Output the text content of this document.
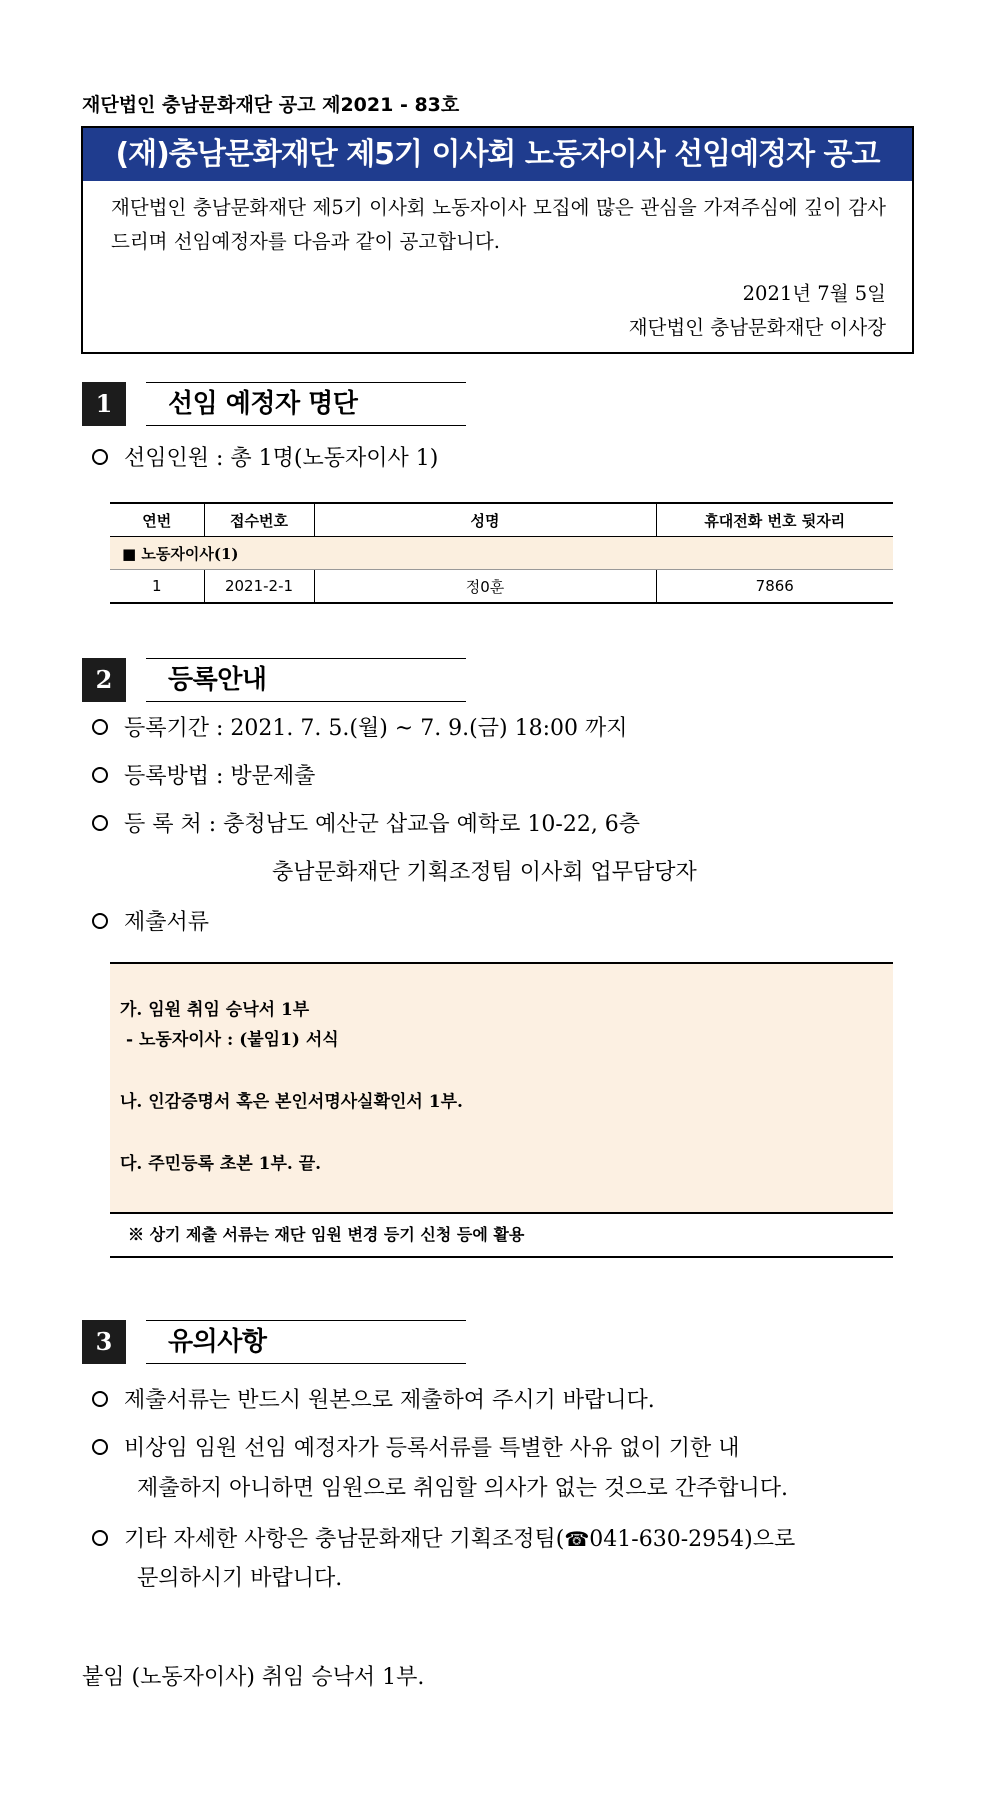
재단법인 충남문화재단 공고 제2021 - 83호
(재)충남문화재단 제5기 이사회 노동자이사 선임예정자 공고
재단법인 충남문화재단 제5기 이사회 노동자이사 모집에 많은 관심을 가져주심에 깊이 감사드리며 선임예정자를 다음과 같이 공고합니다.
2021년 7월 5일
재단법인 충남문화재단 이사장
1	선임 예정자 명단
선임인원 : 총 1명(노동자이사 1)
연번	접수번호	성명	휴대전화 번호 뒷자리
■ 노동자이사(1)			
1	2021-2-1	정0훈	7866
2	등록안내
등록기간 : 2021. 7. 5.(월) ~ 7. 9.(금) 18:00 까지
등록방법 : 방문제출
등 록 처 : 충청남도 예산군 삽교읍 예학로 10-22, 6층
충남문화재단 기획조정팀 이사회 업무담당자
제출서류
가. 임원 취임 승낙서 1부
- 노동자이사 : (붙임1) 서식
나. 인감증명서 혹은 본인서명사실확인서 1부.
다. 주민등록 초본 1부. 끝.
※ 상기 제출 서류는 재단 임원 변경 등기 신청 등에 활용
3	유의사항
제출서류는 반드시 원본으로 제출하여 주시기 바랍니다.
비상임 임원 선임 예정자가 등록서류를 특별한 사유 없이 기한 내
제출하지 아니하면 임원으로 취임할 의사가 없는 것으로 간주합니다.
기타 자세한 사항은 충남문화재단 기획조정팀(☎041-630-2954)으로
문의하시기 바랍니다.
붙임 (노동자이사) 취임 승낙서 1부.
